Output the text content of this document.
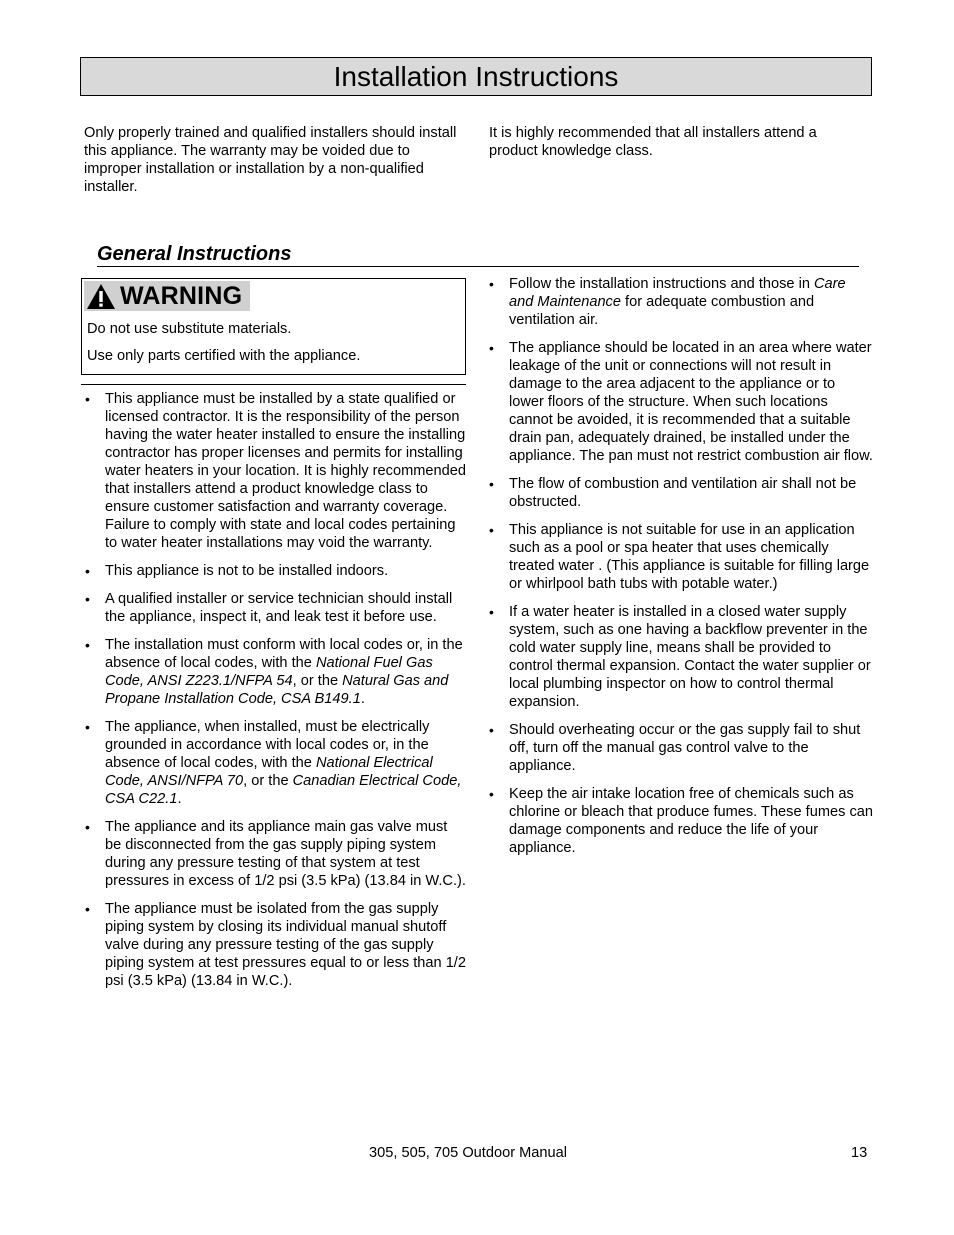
Installation Instructions

Only properly trained and qualified installers should install this appliance. The warranty may be voided due to improper installation or installation by a non-qualified installer.

It is highly recommended that all installers attend a product knowledge class.

General Instructions
WARNING

Do not use substitute materials.

Use only parts certified with the appliance.

• This appliance must be installed by a state qualified or licensed contractor. It is the responsibility of the person having the water heater installed to ensure the installing contractor has proper licenses and permits for installing water heaters in your location. It is highly recommended that installers attend a product knowledge class to ensure customer satisfaction and warranty coverage. Failure to comply with state and local codes pertaining to water heater installations may void the warranty.
• This appliance is not to be installed indoors.
• A qualified installer or service technician should install the appliance, inspect it, and leak test it before use.
• The installation must conform with local codes or, in the absence of local codes, with the National Fuel Gas Code, ANSI Z223.1/NFPA 54, or the Natural Gas and Propane Installation Code, CSA B149.1.
• The appliance, when installed, must be electrically grounded in accordance with local codes or, in the absence of local codes, with the National Electrical Code, ANSI/NFPA 70, or the Canadian Electrical Code, CSA C22.1.
• The appliance and its appliance main gas valve must be disconnected from the gas supply piping system during any pressure testing of that system at test pressures in excess of 1/2 psi (3.5 kPa) (13.84 in W.C.).
• The appliance must be isolated from the gas supply piping system by closing its individual manual shutoff valve during any pressure testing of the gas supply piping system at test pressures equal to or less than 1/2 psi (3.5 kPa) (13.84 in W.C.).
• Follow the installation instructions and those in Care and Maintenance for adequate combustion and ventilation air.
• The appliance should be located in an area where water leakage of the unit or connections will not result in damage to the area adjacent to the appliance or to lower floors of the structure. When such locations cannot be avoided, it is recommended that a suitable drain pan, adequately drained, be installed under the appliance. The pan must not restrict combustion air flow.
• The flow of combustion and ventilation air shall not be obstructed.
• This appliance is not suitable for use in an application such as a pool or spa heater that uses chemically treated water . (This appliance is suitable for filling large or whirlpool bath tubs with potable water.)
• If a water heater is installed in a closed water supply system, such as one having a backflow preventer in the cold water supply line, means shall be provided to control thermal expansion. Contact the water supplier or local plumbing inspector on how to control thermal expansion.
• Should overheating occur or the gas supply fail to shut off, turn off the manual gas control valve to the appliance.
• Keep the air intake location free of chemicals such as chlorine or bleach that produce fumes. These fumes can damage components and reduce the life of your appliance.

305, 505, 705 Outdoor Manual	13
